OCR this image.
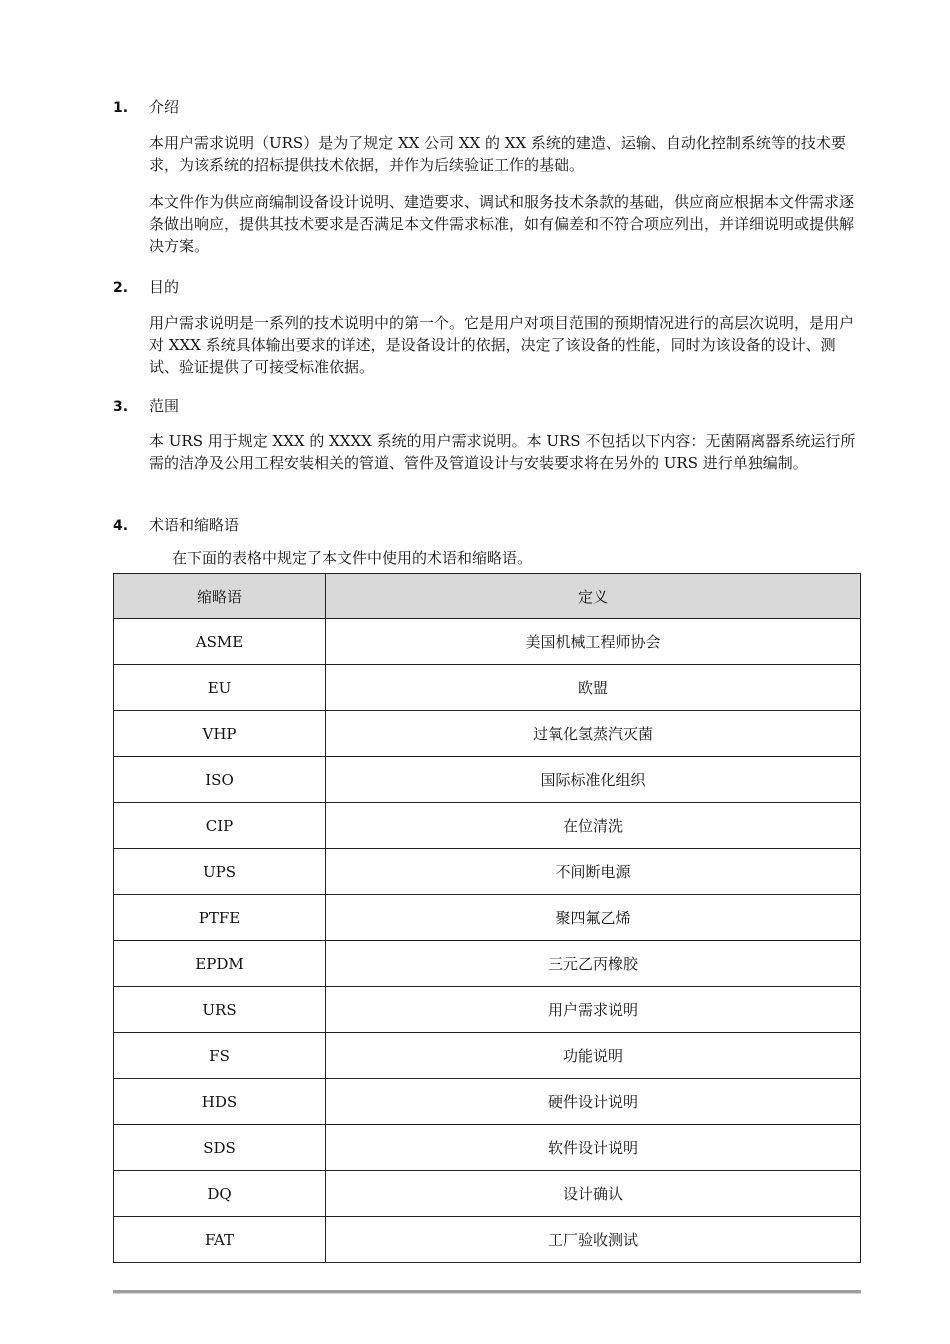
1.	介绍

本用户需求说明（URS）是为了规定 XX 公司 XX 的 XX 系统的建造、运输、自动化控制系统等的技术要求，为该系统的招标提供技术依据，并作为后续验证工作的基础。

本文件作为供应商编制设备设计说明、建造要求、调试和服务技术条款的基础，供应商应根据本文件需求逐条做出响应，提供其技术要求是否满足本文件需求标准，如有偏差和不符合项应列出，并详细说明或提供解决方案。

2.	目的

用户需求说明是一系列的技术说明中的第一个。它是用户对项目范围的预期情况进行的高层次说明，是用户对 XXX 系统具体输出要求的详述，是设备设计的依据，决定了该设备的性能，同时为该设备的设计、测试、验证提供了可接受标准依据。

3.	范围

本 URS 用于规定 XXX 的 XXXX 系统的用户需求说明。本 URS 不包括以下内容：无菌隔离器系统运行所需的洁净及公用工程安装相关的管道、管件及管道设计与安装要求将在另外的 URS 进行单独编制。

4.	术语和缩略语
在下面的表格中规定了本文件中使用的术语和缩略语。
缩略语	定义
ASME	美国机械工程师协会
EU	欧盟
VHP	过氧化氢蒸汽灭菌
ISO	国际标准化组织
CIP	在位清洗
UPS	不间断电源
PTFE	聚四氟乙烯
EPDM	三元乙丙橡胶
URS	用户需求说明
FS	功能说明
HDS	硬件设计说明
SDS	软件设计说明
DQ	设计确认
FAT	工厂验收测试
